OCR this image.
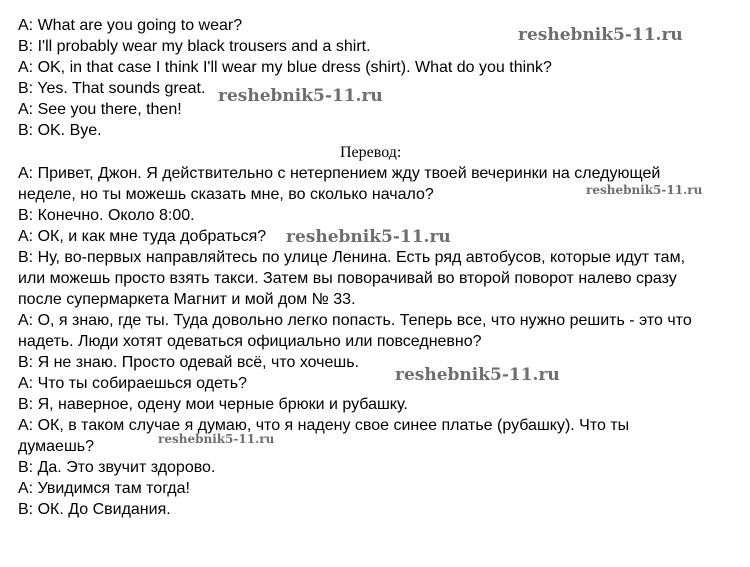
A: What are you going to wear?
B: I'll probably wear my black trousers and a shirt.
A: OK, in that case I think I'll wear my blue dress (shirt). What do you think?
B: Yes. That sounds great.
A: See you there, then!
B: OK. Bye.
Перевод:
А: Привет, Джон. Я действительно с нетерпением жду твоей вечеринки на следующей
неделе, но ты можешь сказать мне, во сколько начало?
В: Конечно. Около 8:00.
А: ОК, и как мне туда добраться?
В: Ну, во-первых направляйтесь по улице Ленина. Есть ряд автобусов, которые идут там,
или можешь просто взять такси. Затем вы поворачивай во второй поворот налево сразу
после супермаркета Магнит и мой дом № 33.
А: О, я знаю, где ты. Туда довольно легко попасть. Теперь все, что нужно решить - это что
надеть. Люди хотят одеваться официально или повседневно?
В: Я не знаю. Просто одевай всё, что хочешь.
А: Что ты собираешься одеть?
В: Я, наверное, одену мои черные брюки и рубашку.
А: ОК, в таком случае я думаю, что я надену свое синее платье (рубашку). Что ты
думаешь?
В: Да. Это звучит здорово.
А: Увидимся там тогда!
В: ОК. До Свидания.
reshebnik5-11.ru
reshebnik5-11.ru
reshebnik5-11.ru
reshebnik5-11.ru
reshebnik5-11.ru
reshebnik5-11.ru
